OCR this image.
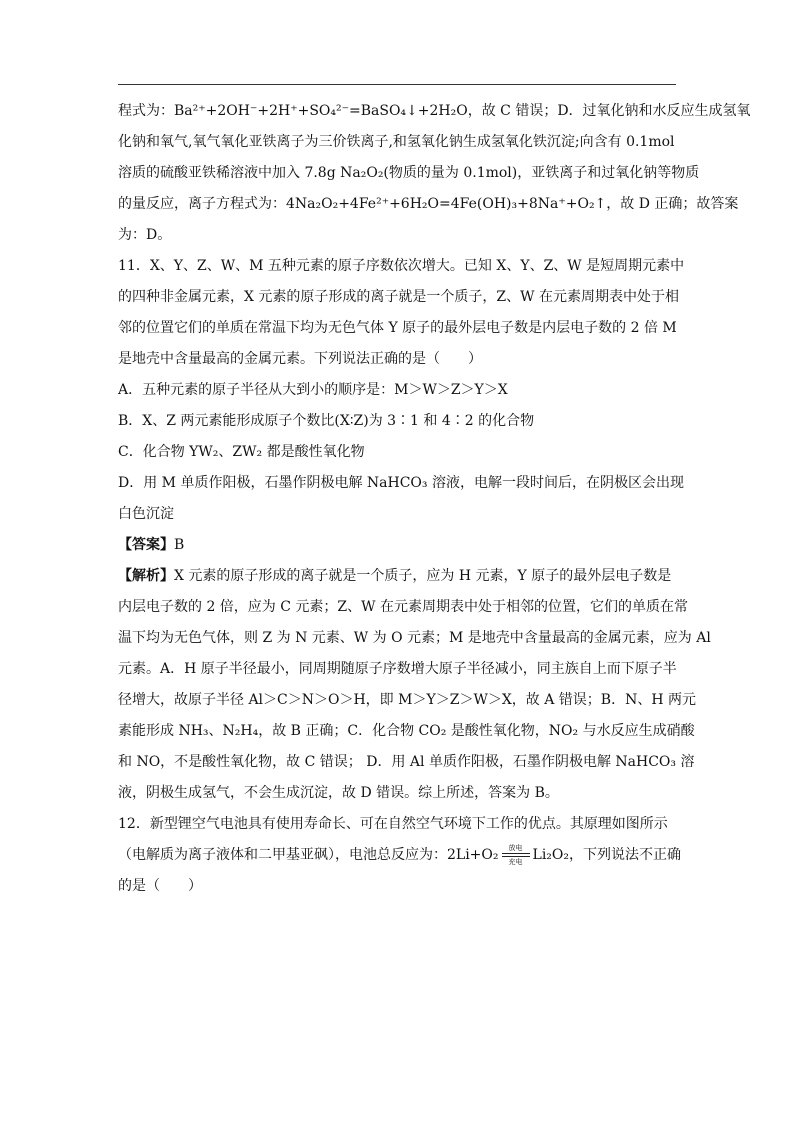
程式为：Ba²⁺+2OH⁻+2H⁺+SO₄²⁻=BaSO₄↓+2H₂O，故 C 错误；D．过氧化钠和水反应生成氢氧

化钠和氧气,氧气氧化亚铁离子为三价铁离子,和氢氧化钠生成氢氧化铁沉淀;向含有 0.1mol

溶质的硫酸亚铁稀溶液中加入 7.8g Na₂O₂(物质的量为 0.1mol)，亚铁离子和过氧化钠等物质

的量反应，离子方程式为：4Na₂O₂+4Fe²⁺+6H₂O=4Fe(OH)₃+8Na⁺+O₂↑，故 D 正确；故答案

为：D。

11．X、Y、Z、W、M 五种元素的原子序数依次增大。已知 X、Y、Z、W 是短周期元素中

的四种非金属元素，X 元素的原子形成的离子就是一个质子，Z、W 在元素周期表中处于相

邻的位置它们的单质在常温下均为无色气体 Y 原子的最外层电子数是内层电子数的 2 倍 M

是地壳中含量最高的金属元素。下列说法正确的是（　　）

A．五种元素的原子半径从大到小的顺序是：M＞W＞Z＞Y＞X

B．X、Z 两元素能形成原子个数比(X∶Z)为 3∶1 和 4∶2 的化合物

C．化合物 YW₂、ZW₂ 都是酸性氧化物

D．用 M 单质作阳极，石墨作阴极电解 NaHCO₃ 溶液，电解一段时间后，在阴极区会出现

白色沉淀

【答案】B

【解析】X 元素的原子形成的离子就是一个质子，应为 H 元素，Y 原子的最外层电子数是

内层电子数的 2 倍，应为 C 元素；Z、W 在元素周期表中处于相邻的位置，它们的单质在常

温下均为无色气体，则 Z 为 N 元素、W 为 O 元素；M 是地壳中含量最高的金属元素，应为 Al

元素。A．H 原子半径最小，同周期随原子序数增大原子半径减小，同主族自上而下原子半

径增大，故原子半径 Al＞C＞N＞O＞H，即 M＞Y＞Z＞W＞X，故 A 错误；B．N、H 两元

素能形成 NH₃、N₂H₄，故 B 正确；C．化合物 CO₂ 是酸性氧化物，NO₂ 与水反应生成硝酸

和 NO，不是酸性氧化物，故 C 错误； D．用 Al 单质作阳极，石墨作阴极电解 NaHCO₃ 溶

液，阴极生成氢气，不会生成沉淀，故 D 错误。综上所述，答案为 B。

12．新型锂空气电池具有使用寿命长、可在自然空气环境下工作的优点。其原理如图所示

（电解质为离子液体和二甲基亚砜），电池总反应为：2Li+O₂	放电
充电 Li₂O₂，下列说法不正确

的是（　　）
